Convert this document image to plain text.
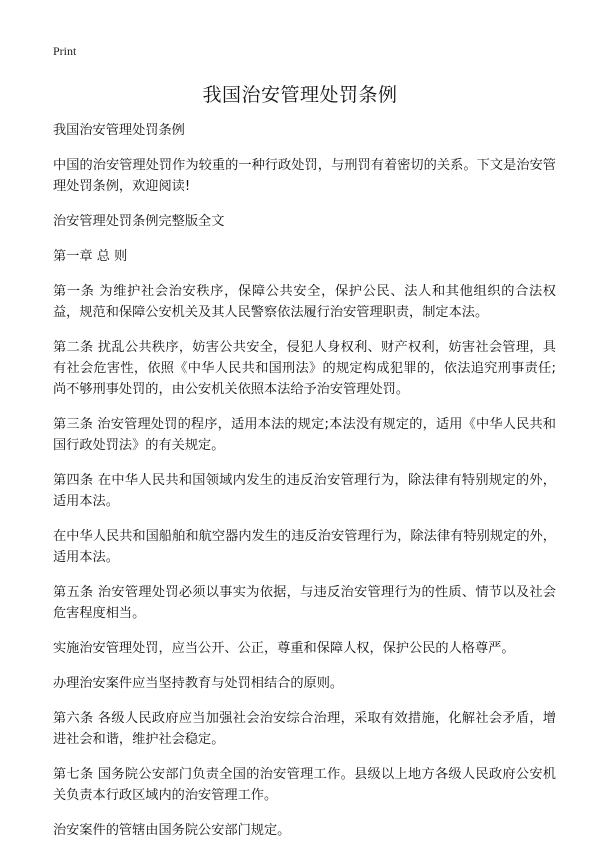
Print
我国治安管理处罚条例

我国治安管理处罚条例

中国的治安管理处罚作为较重的一种行政处罚，与刑罚有着密切的关系。下文是治安管理处罚条例，欢迎阅读!

治安管理处罚条例完整版全文

第一章 总 则

第一条 为维护社会治安秩序，保障公共安全，保护公民、法人和其他组织的合法权益，规范和保障公安机关及其人民警察依法履行治安管理职责，制定本法。

第二条 扰乱公共秩序，妨害公共安全，侵犯人身权利、财产权利，妨害社会管理，具有社会危害性，依照《中华人民共和国刑法》的规定构成犯罪的，依法追究刑事责任;尚不够刑事处罚的，由公安机关依照本法给予治安管理处罚。

第三条 治安管理处罚的程序，适用本法的规定;本法没有规定的，适用《中华人民共和国行政处罚法》的有关规定。

第四条 在中华人民共和国领域内发生的违反治安管理行为，除法律有特别规定的外，适用本法。

在中华人民共和国船舶和航空器内发生的违反治安管理行为，除法律有特别规定的外，适用本法。

第五条 治安管理处罚必须以事实为依据，与违反治安管理行为的性质、情节以及社会危害程度相当。

实施治安管理处罚，应当公开、公正，尊重和保障人权，保护公民的人格尊严。

办理治安案件应当坚持教育与处罚相结合的原则。

第六条 各级人民政府应当加强社会治安综合治理，采取有效措施，化解社会矛盾，增进社会和谐，维护社会稳定。

第七条 国务院公安部门负责全国的治安管理工作。县级以上地方各级人民政府公安机关负责本行政区域内的治安管理工作。

治安案件的管辖由国务院公安部门规定。
